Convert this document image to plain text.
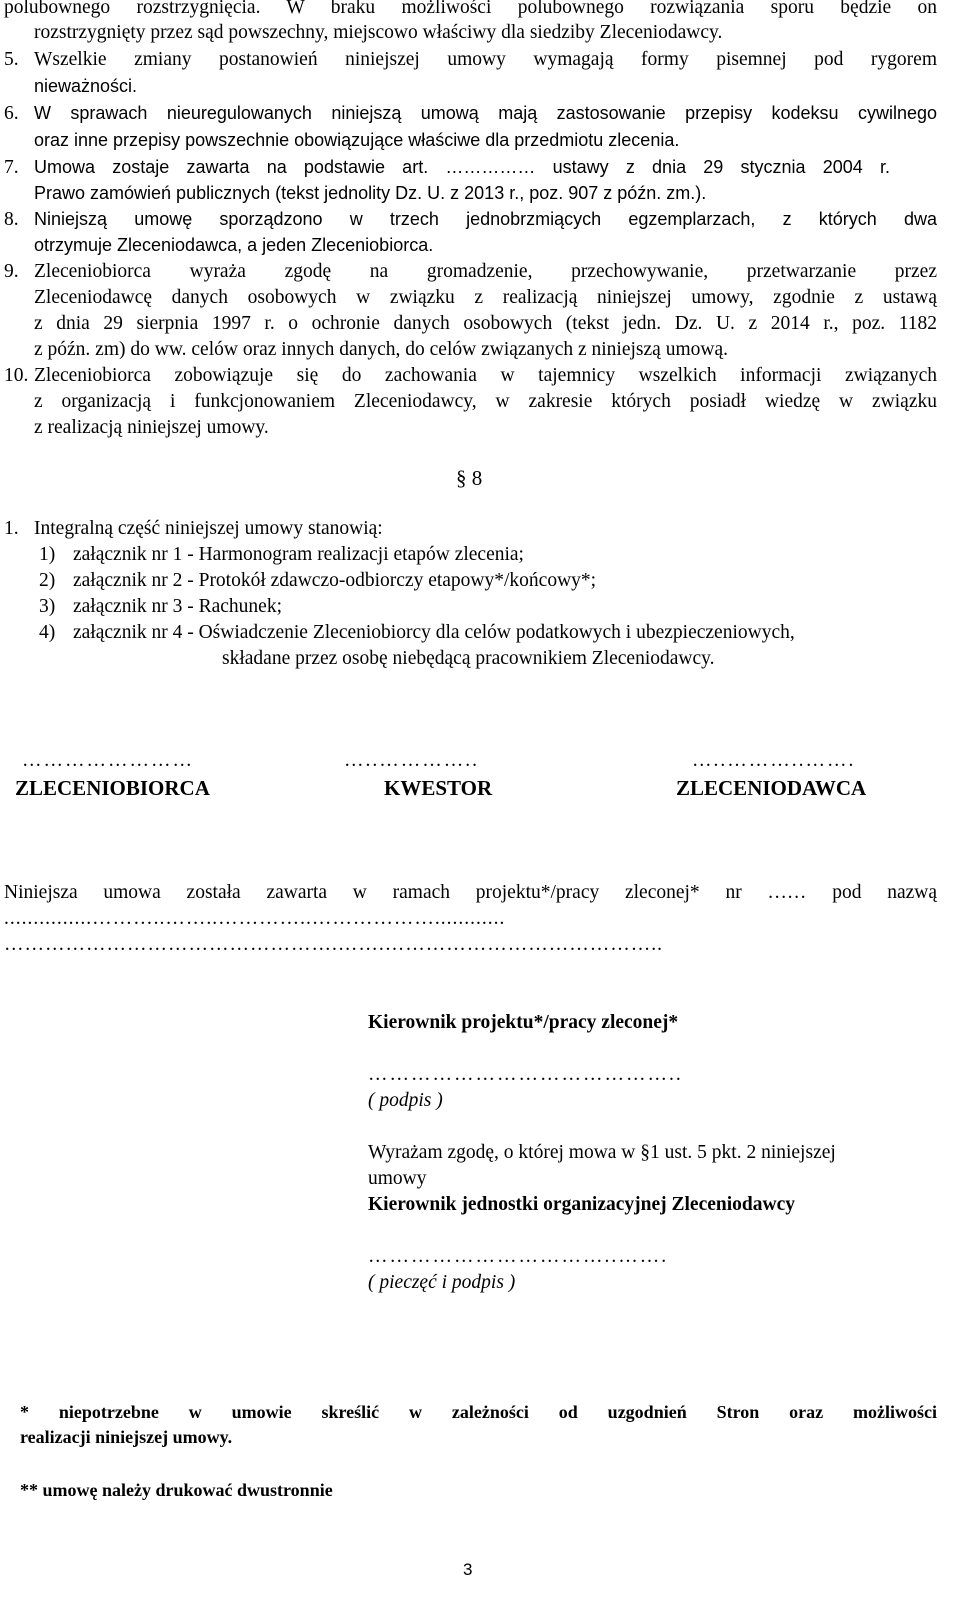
polubownego rozstrzygnięcia. W braku możliwości polubownego rozwiązania sporu będzie on
rozstrzygnięty przez sąd powszechny, miejscowo właściwy dla siedziby Zleceniodawcy.
5. Wszelkie zmiany postanowień niniejszej umowy wymagają formy pisemnej pod rygorem
nieważności.
6. W sprawach nieuregulowanych niniejszą umową mają zastosowanie przepisy kodeksu cywilnego
oraz inne przepisy powszechnie obowiązujące właściwe dla przedmiotu zlecenia.
7. Umowa zostaje zawarta na podstawie art. …………… ustawy z dnia 29 stycznia 2004 r.
Prawo zamówień publicznych (tekst jednolity Dz. U. z 2013 r., poz. 907 z późn. zm.).
8. Niniejszą umowę sporządzono w trzech jednobrzmiących egzemplarzach, z których dwa
otrzymuje Zleceniodawca, a jeden Zleceniobiorca.
9. Zleceniobiorca wyraża zgodę na gromadzenie, przechowywanie, przetwarzanie przez
Zleceniodawcę danych osobowych w związku z realizacją niniejszej umowy, zgodnie z ustawą
z dnia 29 sierpnia 1997 r. o ochronie danych osobowych (tekst jedn. Dz. U. z 2014 r., poz. 1182
z późn. zm) do ww. celów oraz innych danych, do celów związanych z niniejszą umową.
10. Zleceniobiorca zobowiązuje się do zachowania w tajemnicy wszelkich informacji związanych
z organizacją i funkcjonowaniem Zleceniodawcy, w zakresie których posiadł wiedzę w związku
z realizacją niniejszej umowy.
§ 8
1. Integralną część niniejszej umowy stanowią:
1) załącznik nr 1 - Harmonogram realizacji etapów zlecenia;
2) załącznik nr 2 - Protokół zdawczo-odbiorczy etapowy*/końcowy*;
3) załącznik nr 3 - Rachunek;
4) załącznik nr 4 - Oświadczenie Zleceniobiorcy dla celów podatkowych i ubezpieczeniowych,
składane przez osobę niebędącą pracownikiem Zleceniodawcy.
……………………	…..…………..	…..………..…….
ZLECENIOBIORCA	KWESTOR	ZLECENIODAWCA
Niniejsza umowa została zawarta w ramach projektu*/pracy zleconej* nr …… pod nazwą
...............………..……..…………..………………............
………………………………………….…….…………………………………..
Kierownik projektu*/pracy zleconej*
……………………………………..
( podpis )
Wyrażam zgodę, o której mowa w §1 ust. 5 pkt. 2 niniejszej
umowy
Kierownik jednostki organizacyjnej Zleceniodawcy
……………………………..…….
( pieczęć i podpis )
* niepotrzebne w umowie skreślić w zależności od uzgodnień Stron oraz możliwości
realizacji niniejszej umowy.
** umowę należy drukować dwustronnie
3
